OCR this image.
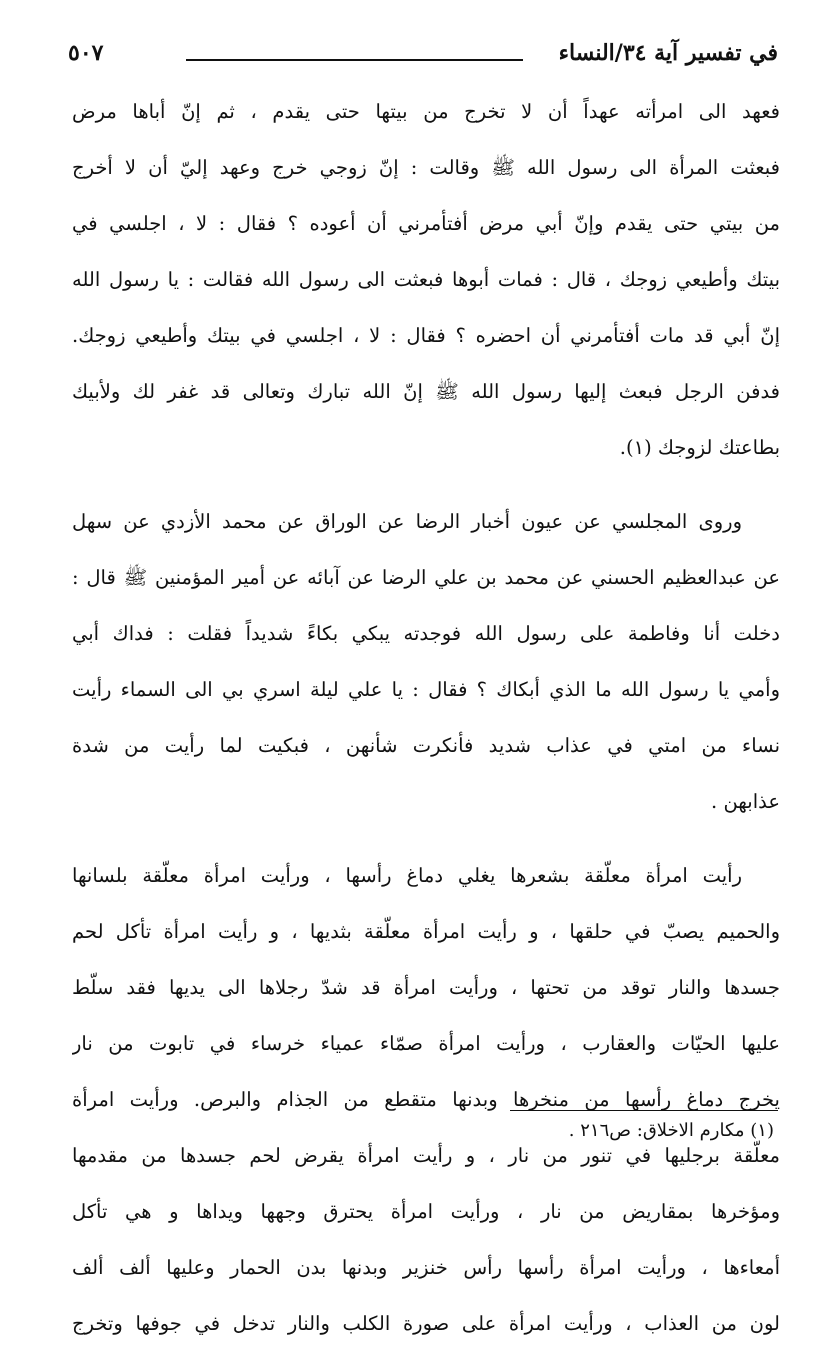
في تفسير آية ٣٤/النساء
٥٠٧
فعهد الى امرأته عهداً أن لا تخرج من بيتها حتى يقدم ، ثم إنّ أباها مرض
فبعثت المرأة الى رسول الله ﷺ وقالت : إنّ زوجي خرج وعهد إليّ أن لا أخرج
من بيتي حتى يقدم وإنّ أبي مرض أفتأمرني أن أعوده ؟ فقال : لا ، اجلسي في
بيتك وأطيعي زوجك ، قال : فمات أبوها فبعثت الى رسول الله فقالت : يا رسول الله
إنّ أبي قد مات أفتأمرني أن احضره ؟ فقال : لا ، اجلسي في بيتك وأطيعي زوجك.
فدفن الرجل فبعث إليها رسول الله ﷺ إنّ الله تبارك وتعالى قد غفر لك ولأبيك
بطاعتك لزوجك (١).
وروى المجلسي عن عيون أخبار الرضا عن الوراق عن محمد الأزدي عن سهل
عن عبدالعظيم الحسني عن محمد بن علي الرضا عن آبائه عن أمير المؤمنين ﷺ قال :
دخلت أنا وفاطمة على رسول الله فوجدته يبكي بكاءً شديداً فقلت : فداك أبي
وأمي يا رسول الله ما الذي أبكاك ؟ فقال : يا علي ليلة اسري بي الى السماء رأيت
نساء من امتي في عذاب شديد فأنكرت شأنهن ، فبكيت لما رأيت من شدة
عذابهن .
رأيت امرأة معلّقة بشعرها يغلي دماغ رأسها ، ورأيت امرأة معلّقة بلسانها
والحميم يصبّ في حلقها ، و رأيت امرأة معلّقة بثديها ، و رأيت امرأة تأكل لحم
جسدها والنار توقد من تحتها ، ورأيت امرأة قد شدّ رجلاها الى يديها فقد سلّط
عليها الحيّات والعقارب ، ورأيت امرأة صمّاء عمياء خرساء في تابوت من نار
يخرج دماغ رأسها من منخرها وبدنها متقطع من الجذام والبرص. ورأيت امرأة
معلّقة برجليها في تنور من نار ، و رأيت امرأة يقرض لحم جسدها من مقدمها
ومؤخرها بمقاريض من نار ، ورأيت امرأة يحترق وجهها ويداها و هي تأكل
أمعاءها ، ورأيت امرأة رأسها رأس خنزير وبدنها بدن الحمار وعليها ألف ألف
لون من العذاب ، ورأيت امرأة على صورة الكلب والنار تدخل في جوفها وتخرج
(١) مكارم الاخلاق: ص٢١٦ .
